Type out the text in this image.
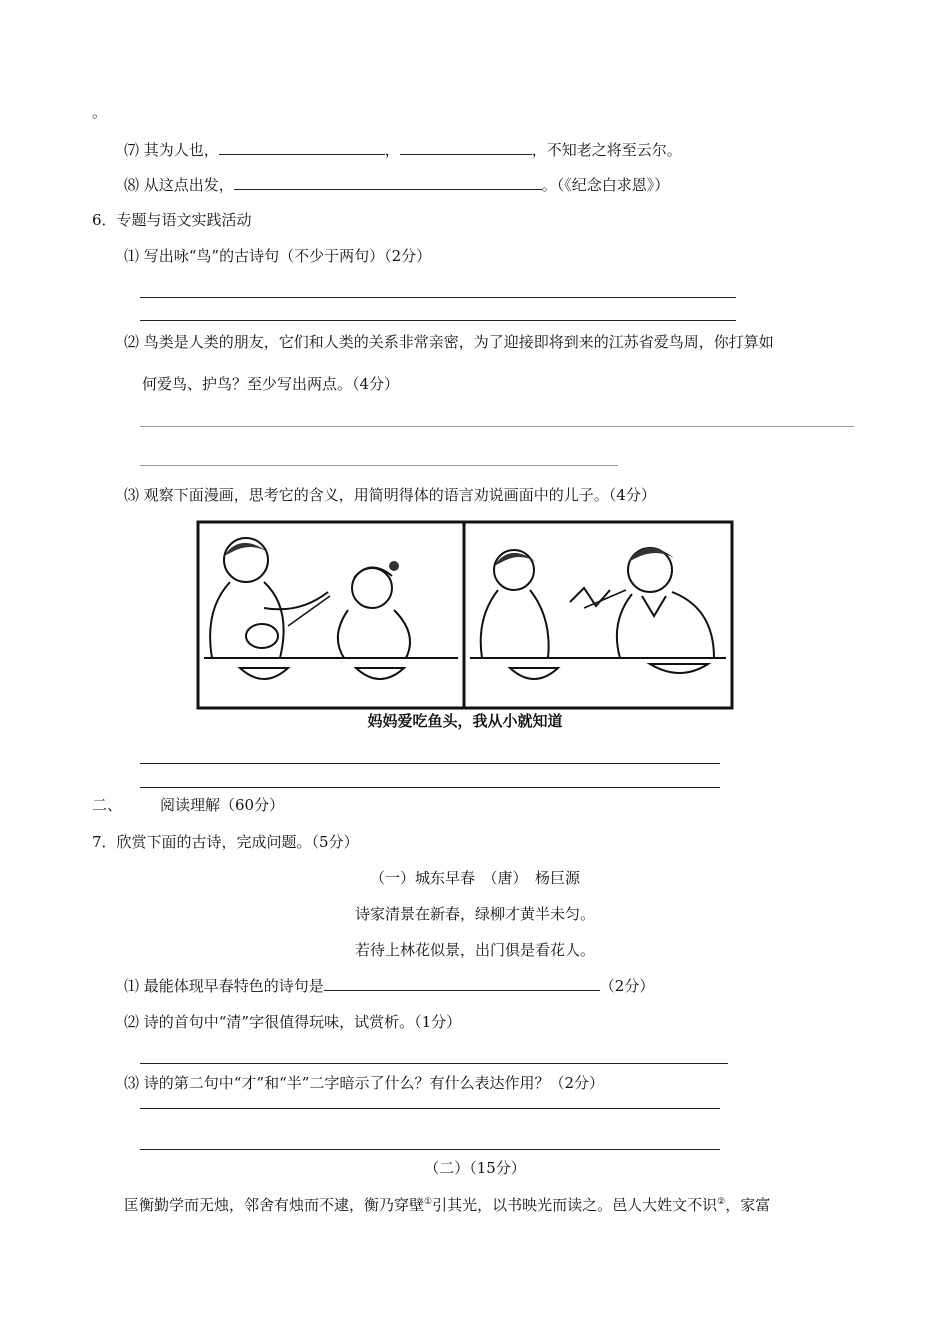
。
⑺ 其为人也，	，	，不知老之将至云尔。
⑻ 从这点出发，	。（《纪念白求恩》）
6．专题与语文实践活动
⑴ 写出咏“鸟”的古诗句（不少于两句）（2分）
⑵ 鸟类是人类的朋友，它们和人类的关系非常亲密，为了迎接即将到来的江苏省爱鸟周，你打算如
何爱鸟、护鸟？至少写出两点。（4分）
⑶ 观察下面漫画，思考它的含义，用简明得体的语言劝说画面中的儿子。（4分）
妈妈爱吃鱼头，我从小就知道
二、	阅读理解（60分）
7．欣赏下面的古诗，完成问题。（5分）
（一）城东早春　（唐）　杨巨源
诗家清景在新春，绿柳才黄半未匀。
若待上林花似景，出门俱是看花人。
⑴ 最能体现早春特色的诗句是	（2分）
⑵ 诗的首句中“清”字很值得玩味，试赏析。（1分）
⑶ 诗的第二句中“才”和“半”二字暗示了什么？有什么表达作用？（2分）
（二）（15分）
匡衡勤学而无烛，邻舍有烛而不逮，衡乃穿壁①引其光，以书映光而读之。邑人大姓文不识②，家富
